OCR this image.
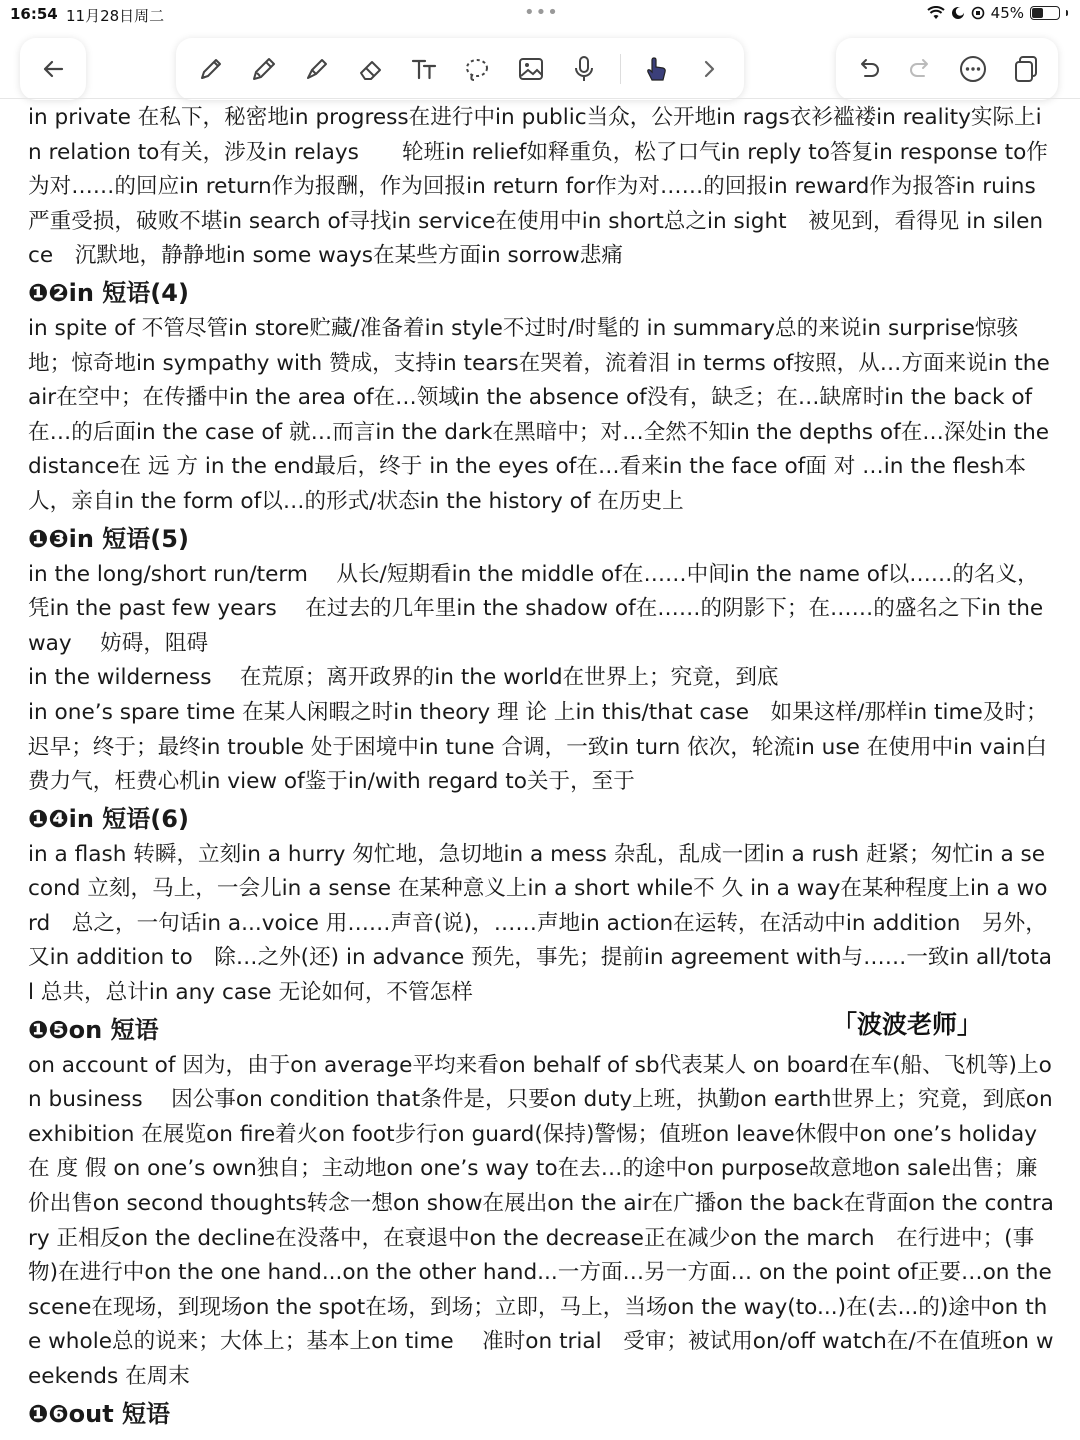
16:54 11月28日周二	•••	45%

in private 在私下，秘密地in progress在进行中in public当众，公开地in rags衣衫褴褛in reality实际上in relation to有关，涉及in relays　　轮班in relief如释重负，松了口气in reply to答复in response to作为对……的回应in return作为报酬，作为回报in return for作为对……的回报in reward作为报答in ruins严重受损，破败不堪in search of寻找in service在使用中in short总之in sight　被见到，看得见 in silence　沉默地，静静地in some ways在某些方面in sorrow悲痛

❶❷in 短语(4)

in spite of 不管尽管in store贮藏/准备着in style不过时/时髦的 in summary总的来说in surprise惊骇地；惊奇地in sympathy with 赞成，支持in tears在哭着，流着泪 in terms of按照，从…方面来说in the air在空中；在传播中in the area of在…领域in the absence of没有，缺乏；在…缺席时in the back of在…的后面in the case of 就…而言in the dark在黑暗中；对…全然不知in the depths of在…深处in the distance在 远 方 in the end最后，终于 in the eyes of在…看来in the face of面 对 …in the flesh本人，亲自in the form of以…的形式/状态in the history of 在历史上

❶❸in 短语(5)

in the long/short run/term　 从长/短期看in the middle of在……中间in the name of以……的名义，凭in the past few years　 在过去的几年里in the shadow of在……的阴影下；在……的盛名之下in the way　 妨碍，阻碍

in the wilderness　 在荒原；离开政界的in the world在世界上；究竟，到底

in one’s spare time 在某人闲暇之时in theory 理 论 上in this/that case　如果这样/那样in time及时；迟早；终于；最终in trouble 处于困境中in tune 合调，一致in turn 依次，轮流in use 在使用中in vain白费力气，枉费心机in view of鉴于in/with regard to关于，至于

❶❹in 短语(6)

in a flash 转瞬，立刻in a hurry 匆忙地，急切地in a mess 杂乱，乱成一团in a rush 赶紧；匆忙in a second 立刻，马上，一会儿in a sense 在某种意义上in a short while不 久 in a way在某种程度上in a word　总之，一句话in a...voice 用……声音(说)，……声地in action在运转，在活动中in addition　另外，又in addition to　除…之外(还) in advance 预先，事先；提前in agreement with与……一致in all/total 总共，总计in any case 无论如何，不管怎样

❶❺on 短语

on account of 因为，由于on average平均来看on behalf of sb代表某人 on board在车(船、飞机等)上on business　 因公事on condition that条件是，只要on duty上班，执勤on earth世界上；究竟，到底on exhibition 在展览on fire着火on foot步行on guard(保持)警惕；值班on leave休假中on one’s holiday 在 度 假 on one’s own独自；主动地on one’s way to在去…的途中on purpose故意地on sale出售；廉价出售on second thoughts转念一想on show在展出on the air在广播on the back在背面on the contrary 正相反on the decline在没落中，在衰退中on the decrease正在减少on the march　在行进中；(事物)在进行中on the one hand...on the other hand...一方面…另一方面… on the point of正要…on the scene在现场，到现场on the spot在场，到场；立即，马上，当场on the way(to...)在(去...的)途中on the whole总的说来；大体上；基本上on time　 准时on trial　受审；被试用on/off watch在/不在值班on weekends 在周末

❶❻out 短语
「波波老师」
